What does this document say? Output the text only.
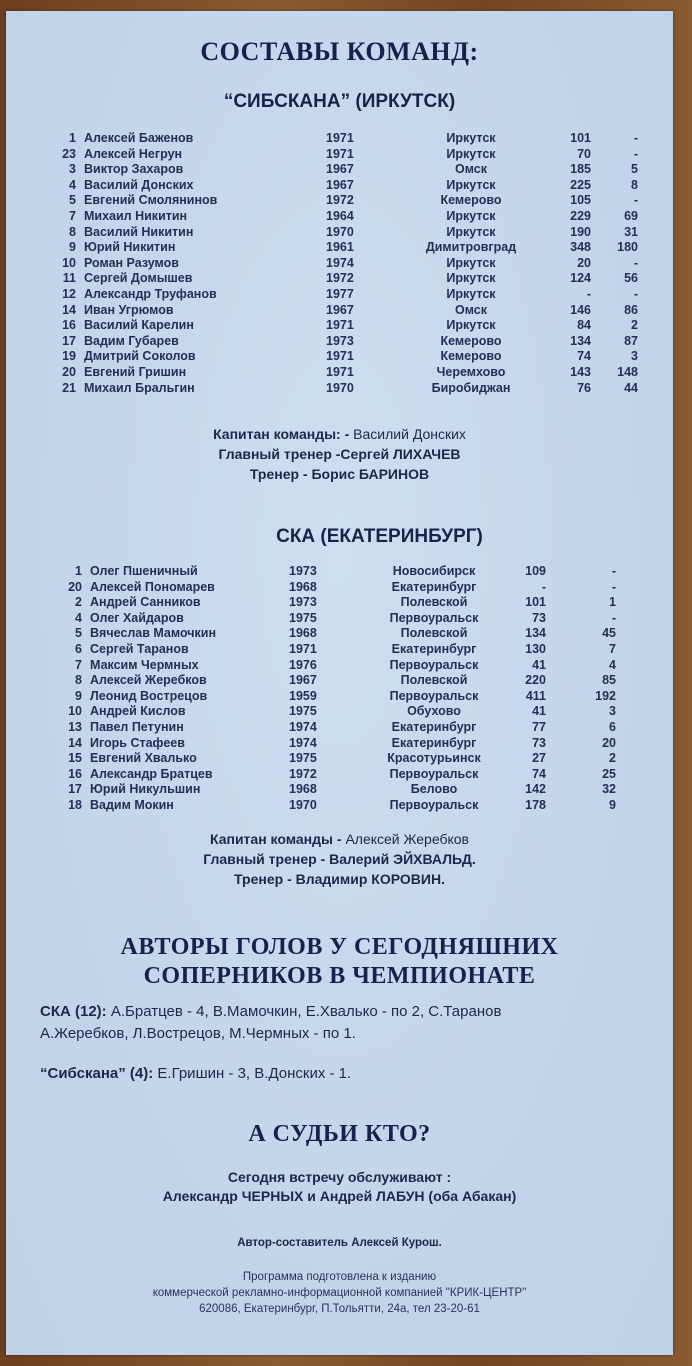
СОСТАВЫ КОМАНД:
“СИБСКАНА” (ИРКУТСК)
1 Алексей Баженов	1971	Иркутск	101	-
23 Алексей Негрун	1971	Иркутск	70	-
3 Виктор Захаров	1967	Омск	185	5
4 Василий Донских	1967	Иркутск	225	8
5 Евгений Смолянинов	1972	Кемерово	105	-
7 Михаил Никитин	1964	Иркутск	229	69
8 Василий Никитин	1970	Иркутск	190	31
9 Юрий Никитин	1961	Димитровград	348	180
10 Роман Разумов	1974	Иркутск	20	-
11 Сергей Домышев	1972	Иркутск	124	56
12 Александр Труфанов	1977	Иркутск	-	-
14 Иван Угрюмов	1967	Омск	146	86
16 Василий Карелин	1971	Иркутск	84	2
17 Вадим Губарев	1973	Кемерово	134	87
19 Дмитрий Соколов	1971	Кемерово	74	3
20 Евгений Гришин	1971	Черемхово	143	148
21 Михаил Бральгин	1970	Биробиджан	76	44
Капитан команды: - Василий Донских
Главный тренер -Сергей ЛИХАЧЕВ
Тренер - Борис БАРИНОВ
СКА (ЕКАТЕРИНБУРГ)
1 Олег Пшеничный	1973	Новосибирск	109	-
20 Алексей Пономарев	1968	Екатеринбург	-	-
2 Андрей Санников	1973	Полевской	101	1
4 Олег Хайдаров	1975	Первоуральск	73	-
5 Вячеслав Мамочкин	1968	Полевской	134	45
6 Сергей Таранов	1971	Екатеринбург	130	7
7 Максим Чермных	1976	Первоуральск	41	4
8 Алексей Жеребков	1967	Полевской	220	85
9 Леонид Вострецов	1959	Первоуральск	411	192
10 Андрей Кислов	1975	Обухово	41	3
13 Павел Петунин	1974	Екатеринбург	77	6
14 Игорь Стафеев	1974	Екатеринбург	73	20
15 Евгений Хвалько	1975	Красотурьинск	27	2
16 Александр Братцев	1972	Первоуральск	74	25
17 Юрий Никульшин	1968	Белово	142	32
18 Вадим Мокин	1970	Первоуральск	178	9
Капитан команды - Алексей Жеребков
Главный тренер - Валерий ЭЙХВАЛЬД.
Тренер - Владимир КОРОВИН.
АВТОРЫ ГОЛОВ У СЕГОДНЯШНИХ
СОПЕРНИКОВ В ЧЕМПИОНАТЕ
СКА (12): А.Братцев - 4, В.Мамочкин, Е.Хвалько - по 2, С.Таранов
А.Жеребков, Л.Вострецов, М.Чермных - по 1.
“Сибскана” (4): Е.Гришин - 3, В.Донских - 1.
А СУДЬИ КТО?
Сегодня встречу обслуживают :
Александр ЧЕРНЫХ и Андрей ЛАБУН (оба Абакан)
Автор-составитель Алексей Курош.
Программа подготовлена к изданию
коммерческой рекламно-информационной компанией "КРИК-ЦЕНТР"
620086, Екатеринбург, П.Тольятти, 24а, тел 23-20-61
